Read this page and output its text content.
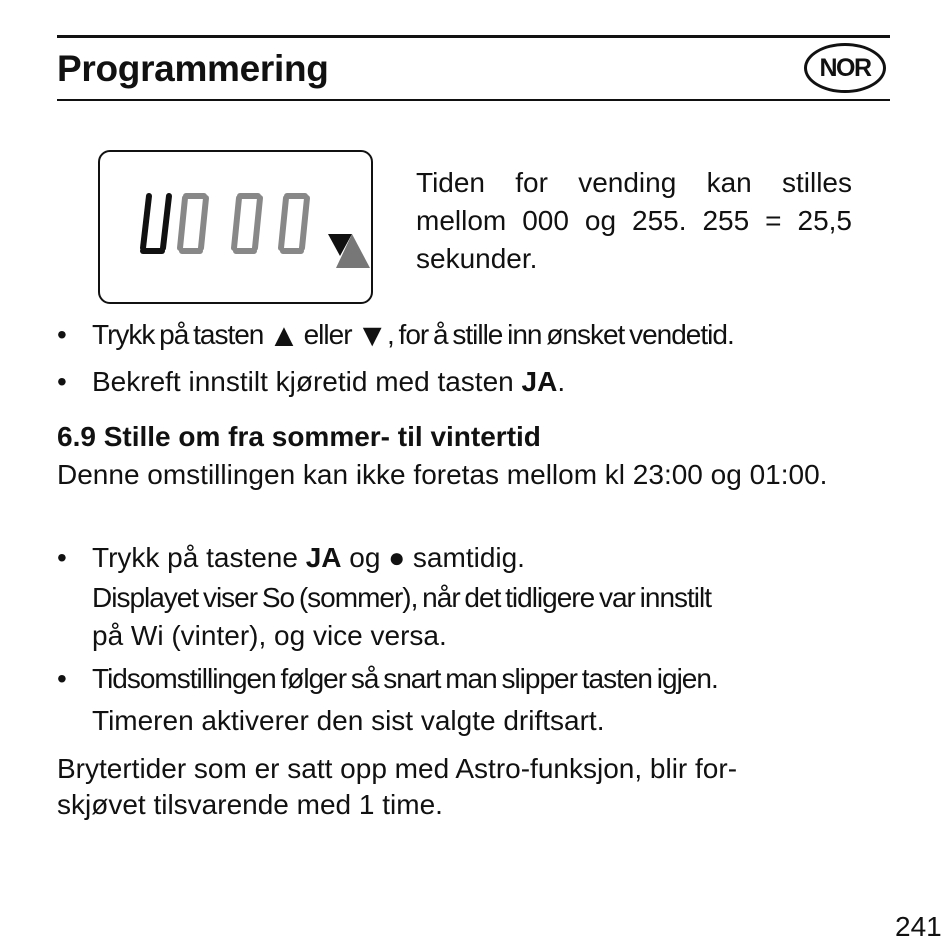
Programmering	NOR
Tiden for vending kan stilles mellom 000 og 255. 255 = 25,5 sekunder.
• Trykk på tasten ▲ eller ▼, for å stille inn ønsket vendetid.
• Bekreft innstilt kjøretid med tasten JA.
6.9 Stille om fra sommer- til vintertid
Denne omstillingen kan ikke foretas mellom kl 23:00 og 01:00.
• Trykk på tastene JA og ● samtidig.
Displayet viser So (sommer), når det tidligere var innstilt
på Wi (vinter), og vice versa.
• Tidsomstillingen følger så snart man slipper tasten igjen.
Timeren aktiverer den sist valgte driftsart.
Brytertider som er satt opp med Astro-funksjon, blir for-
skjøvet tilsvarende med 1 time.
241
